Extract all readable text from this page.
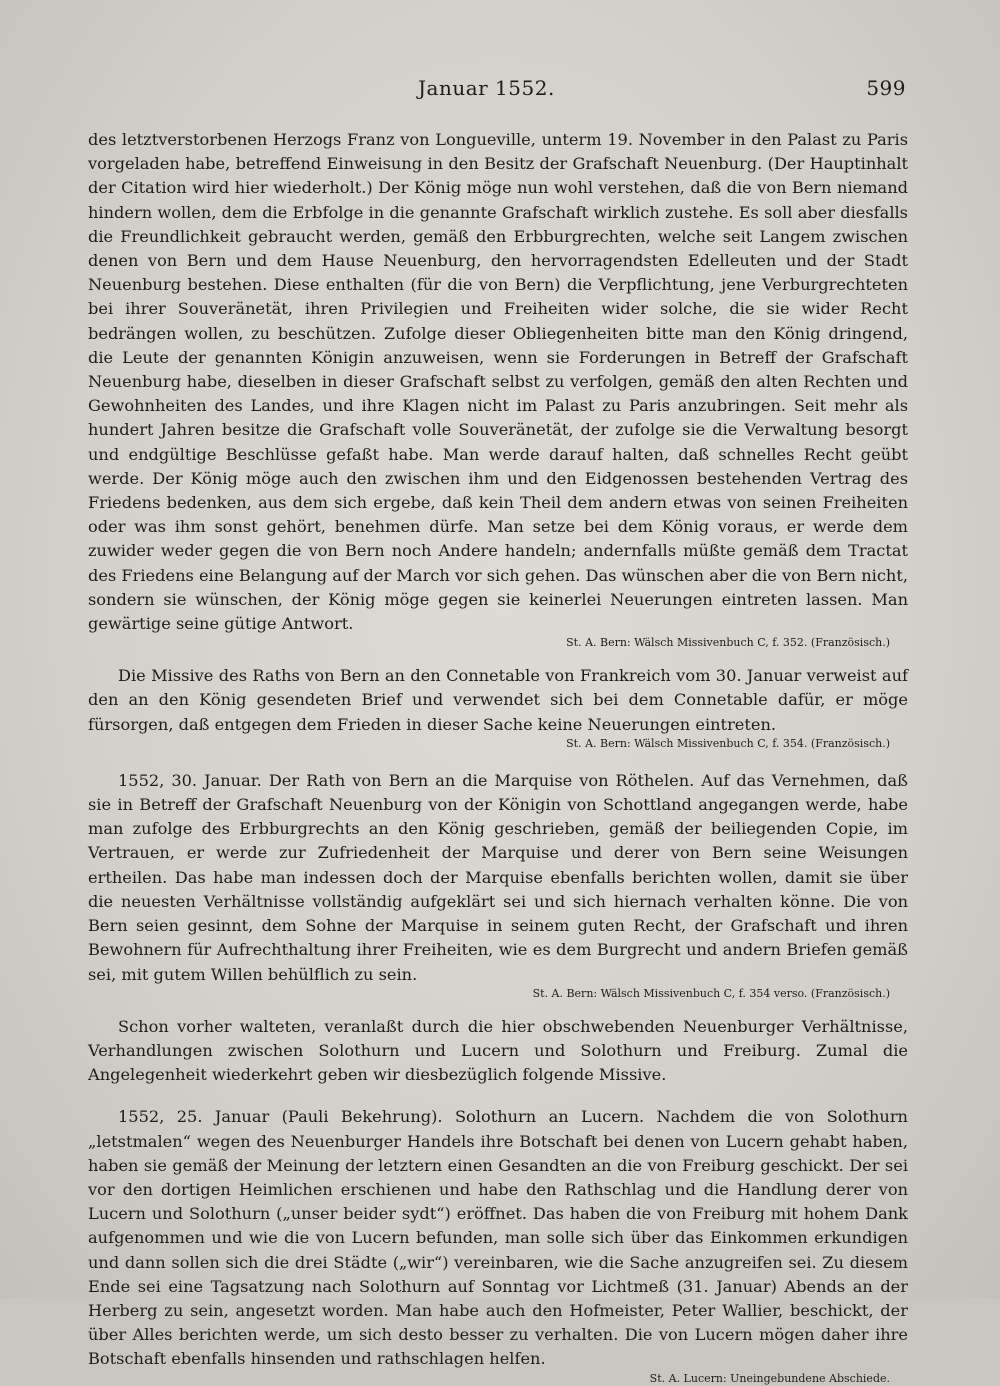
Januar 1552.	599

des letztverstorbenen Herzogs Franz von Longueville, unterm 19. November in den Palast zu Paris vorgeladen habe, betreffend Einweisung in den Besitz der Grafschaft Neuenburg. (Der Hauptinhalt der Citation wird hier wiederholt.) Der König möge nun wohl verstehen, daß die von Bern niemand hindern wollen, dem die Erbfolge in die genannte Grafschaft wirklich zustehe. Es soll aber diesfalls die Freundlichkeit gebraucht werden, gemäß den Erbburgrechten, welche seit Langem zwischen denen von Bern und dem Hause Neuenburg, den hervorragendsten Edelleuten und der Stadt Neuenburg bestehen. Diese enthalten (für die von Bern) die Verpflichtung, jene Verburgrechteten bei ihrer Souveränetät, ihren Privilegien und Freiheiten wider solche, die sie wider Recht bedrängen wollen, zu beschützen. Zufolge dieser Obliegenheiten bitte man den König dringend, die Leute der genannten Königin anzuweisen, wenn sie Forderungen in Betreff der Grafschaft Neuenburg habe, dieselben in dieser Grafschaft selbst zu verfolgen, gemäß den alten Rechten und Gewohnheiten des Landes, und ihre Klagen nicht im Palast zu Paris anzubringen. Seit mehr als hundert Jahren besitze die Grafschaft volle Souveränetät, der zufolge sie die Verwaltung besorgt und endgültige Beschlüsse gefaßt habe. Man werde darauf halten, daß schnelles Recht geübt werde. Der König möge auch den zwischen ihm und den Eidgenossen bestehenden Vertrag des Friedens bedenken, aus dem sich ergebe, daß kein Theil dem andern etwas von seinen Freiheiten oder was ihm sonst gehört, benehmen dürfe. Man setze bei dem König voraus, er werde dem zuwider weder gegen die von Bern noch Andere handeln; andernfalls müßte gemäß dem Tractat des Friedens eine Belangung auf der March vor sich gehen. Das wünschen aber die von Bern nicht, sondern sie wünschen, der König möge gegen sie keinerlei Neuerungen eintreten lassen. Man gewärtige seine gütige Antwort.

St. A. Bern: Wälsch Missivenbuch C, f. 352. (Französisch.)

Die Missive des Raths von Bern an den Connetable von Frankreich vom 30. Januar verweist auf den an den König gesendeten Brief und verwendet sich bei dem Connetable dafür, er möge fürsorgen, daß entgegen dem Frieden in dieser Sache keine Neuerungen eintreten.

St. A. Bern: Wälsch Missivenbuch C, f. 354. (Französisch.)

1552, 30. Januar. Der Rath von Bern an die Marquise von Röthelen. Auf das Vernehmen, daß sie in Betreff der Grafschaft Neuenburg von der Königin von Schottland angegangen werde, habe man zufolge des Erbburgrechts an den König geschrieben, gemäß der beiliegenden Copie, im Vertrauen, er werde zur Zufriedenheit der Marquise und derer von Bern seine Weisungen ertheilen. Das habe man indessen doch der Marquise ebenfalls berichten wollen, damit sie über die neuesten Verhältnisse vollständig aufgeklärt sei und sich hiernach verhalten könne. Die von Bern seien gesinnt, dem Sohne der Marquise in seinem guten Recht, der Grafschaft und ihren Bewohnern für Aufrechthaltung ihrer Freiheiten, wie es dem Burgrecht und andern Briefen gemäß sei, mit gutem Willen behülflich zu sein.

St. A. Bern: Wälsch Missivenbuch C, f. 354 verso. (Französisch.)

Schon vorher walteten, veranlaßt durch die hier obschwebenden Neuenburger Verhältnisse, Verhandlungen zwischen Solothurn und Lucern und Solothurn und Freiburg. Zumal die Angelegenheit wiederkehrt geben wir diesbezüglich folgende Missive.

1552, 25. Januar (Pauli Bekehrung). Solothurn an Lucern. Nachdem die von Solothurn „letstmalen“ wegen des Neuenburger Handels ihre Botschaft bei denen von Lucern gehabt haben, haben sie gemäß der Meinung der letztern einen Gesandten an die von Freiburg geschickt. Der sei vor den dortigen Heimlichen erschienen und habe den Rathschlag und die Handlung derer von Lucern und Solothurn („unser beider sydt“) eröffnet. Das haben die von Freiburg mit hohem Dank aufgenommen und wie die von Lucern befunden, man solle sich über das Einkommen erkundigen und dann sollen sich die drei Städte („wir“) vereinbaren, wie die Sache anzugreifen sei. Zu diesem Ende sei eine Tagsatzung nach Solothurn auf Sonntag vor Lichtmeß (31. Januar) Abends an der Herberg zu sein, angesetzt worden. Man habe auch den Hofmeister, Peter Wallier, beschickt, der über Alles berichten werde, um sich desto besser zu verhalten. Die von Lucern mögen daher ihre Botschaft ebenfalls hinsenden und rathschlagen helfen.

St. A. Lucern: Uneingebundene Abschiede.
